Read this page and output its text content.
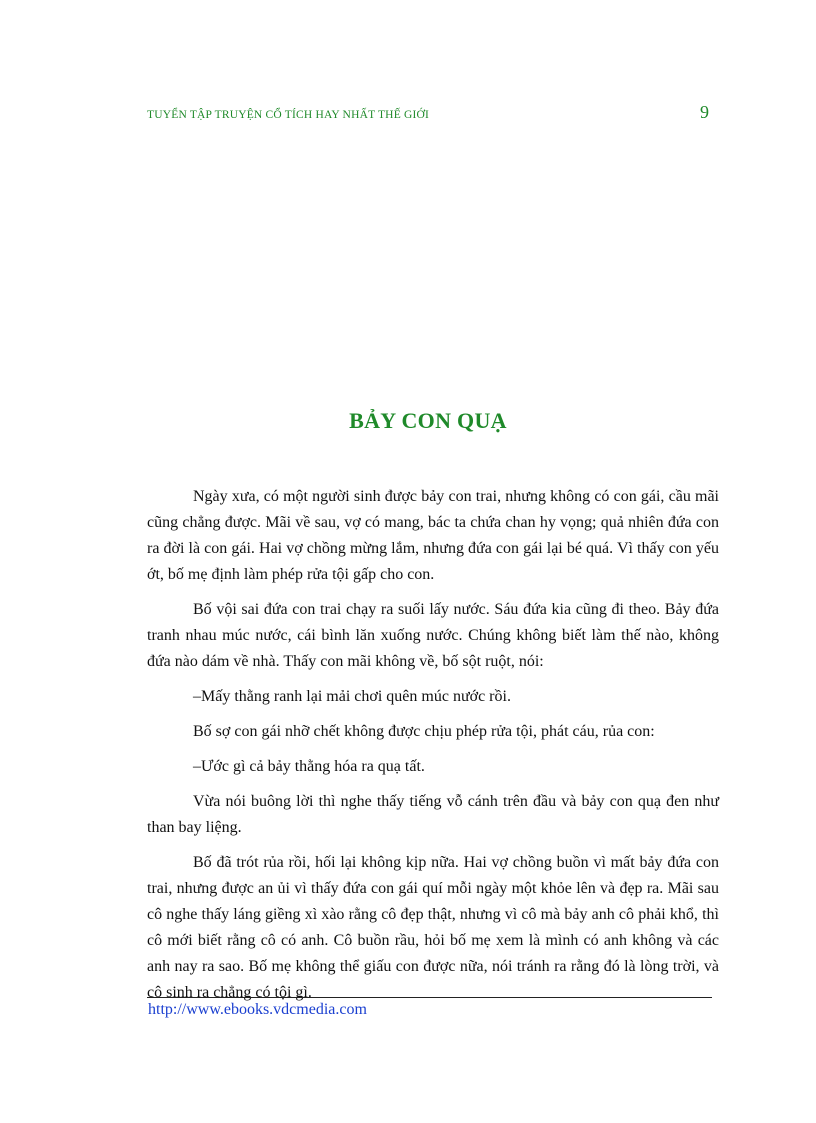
TUYỂN TẬP TRUYỆN CỔ TÍCH HAY NHẤT THẾ GIỚI	9
BẢY CON QUẠ

Ngày xưa, có một người sinh được bảy con trai, nhưng không có con gái, cầu mãi cũng chẳng được. Mãi về sau, vợ có mang, bác ta chứa chan hy vọng; quả nhiên đứa con ra đời là con gái. Hai vợ chồng mừng lắm, nhưng đứa con gái lại bé quá. Vì thấy con yếu ớt, bố mẹ định làm phép rửa tội gấp cho con.

Bố vội sai đứa con trai chạy ra suối lấy nước. Sáu đứa kia cũng đi theo. Bảy đứa tranh nhau múc nước, cái bình lăn xuống nước. Chúng không biết làm thế nào, không đứa nào dám về nhà. Thấy con mãi không về, bố sột ruột, nói:

–Mấy thằng ranh lại mải chơi quên múc nước rồi.

Bố sợ con gái nhỡ chết không được chịu phép rửa tội, phát cáu, rủa con:

–Ước gì cả bảy thằng hóa ra quạ tất.

Vừa nói buông lời thì nghe thấy tiếng vỗ cánh trên đầu và bảy con quạ đen như than bay liệng.

Bố đã trót rủa rồi, hối lại không kịp nữa. Hai vợ chồng buồn vì mất bảy đứa con trai, nhưng được an ủi vì thấy đứa con gái quí mỗi ngày một khỏe lên và đẹp ra. Mãi sau cô nghe thấy láng giềng xì xào rằng cô đẹp thật, nhưng vì cô mà bảy anh cô phải khổ, thì cô mới biết rằng cô có anh. Cô buồn rầu, hỏi bố mẹ xem là mình có anh không và các anh nay ra sao. Bố mẹ không thể giấu con được nữa, nói tránh ra rằng đó là lòng trời, và cô sinh ra chẳng có tội gì.

http://www.ebooks.vdcmedia.com
